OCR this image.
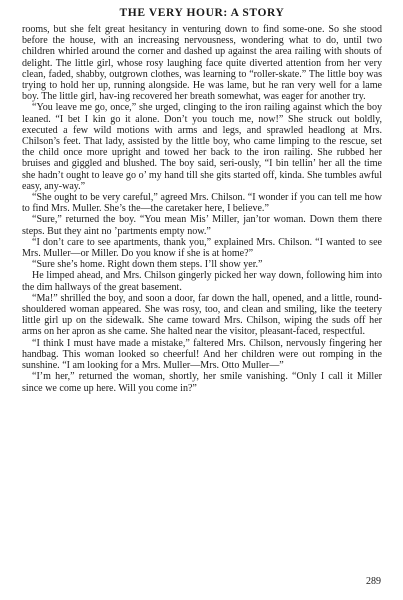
THE VERY HOUR: A STORY

rooms, but she felt great hesitancy in venturing down to find some-one. So she stood before the house, with an increasing nervousness, wondering what to do, until two children whirled around the corner and dashed up against the area railing with shouts of delight. The little girl, whose rosy laughing face quite diverted attention from her very clean, faded, shabby, outgrown clothes, was learning to “roller-skate.” The little boy was trying to hold her up, running alongside. He was lame, but he ran very well for a lame boy. The little girl, hav-ing recovered her breath somewhat, was eager for another try.

“You leave me go, once,” she urged, clinging to the iron railing against which the boy leaned. “I bet I kin go it alone. Don’t you touch me, now!” She struck out boldly, executed a few wild motions with arms and legs, and sprawled headlong at Mrs. Chilson’s feet. That lady, assisted by the little boy, who came limping to the rescue, set the child once more upright and towed her back to the iron railing. She rubbed her bruises and giggled and blushed. The boy said, seri-ously, “I bin tellin’ her all the time she hadn’t ought to leave go o’ my hand till she gits started off, kinda. She tumbles awful easy, any-way.”

“She ought to be very careful,” agreed Mrs. Chilson. “I wonder if you can tell me how to find Mrs. Muller. She’s the—the caretaker here, I believe.”

“Sure,” returned the boy. “You mean Mis’ Miller, jan’tor woman. Down them there steps. But they aint no ’partments empty now.”

“I don’t care to see apartments, thank you,” explained Mrs. Chilson. “I wanted to see Mrs. Muller—or Miller. Do you know if she is at home?”

“Sure she’s home. Right down them steps. I’ll show yer.”

He limped ahead, and Mrs. Chilson gingerly picked her way down, following him into the dim hallways of the great basement.

“Ma!” shrilled the boy, and soon a door, far down the hall, opened, and a little, round-shouldered woman appeared. She was rosy, too, and clean and smiling, like the teetery little girl up on the sidewalk. She came toward Mrs. Chilson, wiping the suds off her arms on her apron as she came. She halted near the visitor, pleasant-faced, respectful.

“I think I must have made a mistake,” faltered Mrs. Chilson, nervously fingering her handbag. This woman looked so cheerful! And her children were out romping in the sunshine. “I am looking for a Mrs. Muller—Mrs. Otto Muller—”

“I’m her,” returned the woman, shortly, her smile vanishing. “Only I call it Miller since we come up here. Will you come in?”

289
